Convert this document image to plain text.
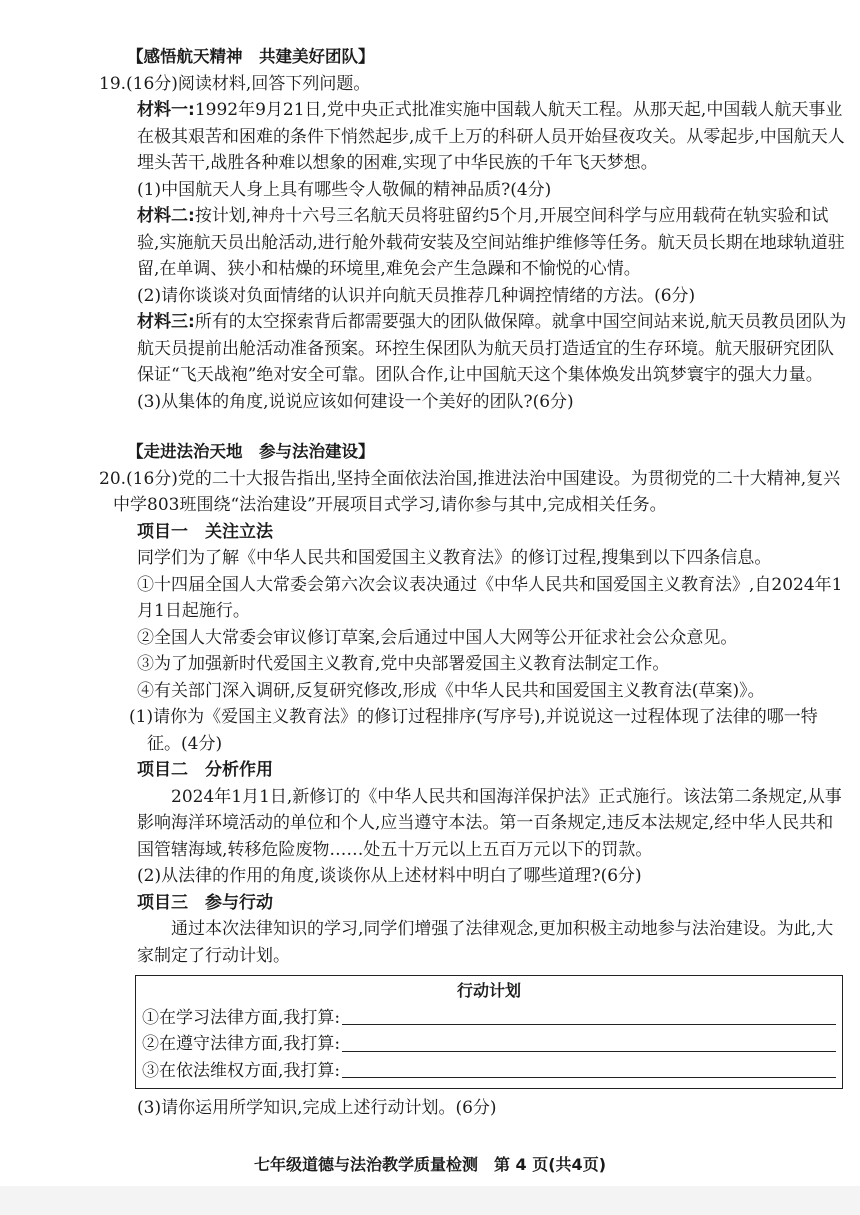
【感悟航天精神　共建美好团队】
19.(16分)阅读材料,回答下列问题。
材料一:1992年9月21日,党中央正式批准实施中国载人航天工程。从那天起,中国载人航天事业在极其艰苦和困难的条件下悄然起步,成千上万的科研人员开始昼夜攻关。从零起步,中国航天人埋头苦干,战胜各种难以想象的困难,实现了中华民族的千年飞天梦想。
(1)中国航天人身上具有哪些令人敬佩的精神品质?(4分)
材料二:按计划,神舟十六号三名航天员将驻留约5个月,开展空间科学与应用载荷在轨实验和试验,实施航天员出舱活动,进行舱外载荷安装及空间站维护维修等任务。航天员长期在地球轨道驻留,在单调、狭小和枯燥的环境里,难免会产生急躁和不愉悦的心情。
(2)请你谈谈对负面情绪的认识并向航天员推荐几种调控情绪的方法。(6分)
材料三:所有的太空探索背后都需要强大的团队做保障。就拿中国空间站来说,航天员教员团队为航天员提前出舱活动准备预案。环控生保团队为航天员打造适宜的生存环境。航天服研究团队保证“飞天战袍”绝对安全可靠。团队合作,让中国航天这个集体焕发出筑梦寰宇的强大力量。
(3)从集体的角度,说说应该如何建设一个美好的团队?(6分)
【走进法治天地　参与法治建设】
20.(16分)党的二十大报告指出,坚持全面依法治国,推进法治中国建设。为贯彻党的二十大精神,复兴中学803班围绕“法治建设”开展项目式学习,请你参与其中,完成相关任务。
项目一　关注立法
同学们为了解《中华人民共和国爱国主义教育法》的修订过程,搜集到以下四条信息。
①十四届全国人大常委会第六次会议表决通过《中华人民共和国爱国主义教育法》,自2024年1月1日起施行。
②全国人大常委会审议修订草案,会后通过中国人大网等公开征求社会公众意见。
③为了加强新时代爱国主义教育,党中央部署爱国主义教育法制定工作。
④有关部门深入调研,反复研究修改,形成《中华人民共和国爱国主义教育法(草案)》。
(1)请你为《爱国主义教育法》的修订过程排序(写序号),并说说这一过程体现了法律的哪一特征。(4分)
项目二　分析作用
2024年1月1日,新修订的《中华人民共和国海洋保护法》正式施行。该法第二条规定,从事影响海洋环境活动的单位和个人,应当遵守本法。第一百条规定,违反本法规定,经中华人民共和国管辖海域,转移危险废物……处五十万元以上五百万元以下的罚款。
(2)从法律的作用的角度,谈谈你从上述材料中明白了哪些道理?(6分)
项目三　参与行动
通过本次法律知识的学习,同学们增强了法律观念,更加积极主动地参与法治建设。为此,大家制定了行动计划。
行动计划
①在学习法律方面,我打算:
②在遵守法律方面,我打算:
③在依法维权方面,我打算:
(3)请你运用所学知识,完成上述行动计划。(6分)
七年级道德与法治教学质量检测　第 4 页(共4页)
